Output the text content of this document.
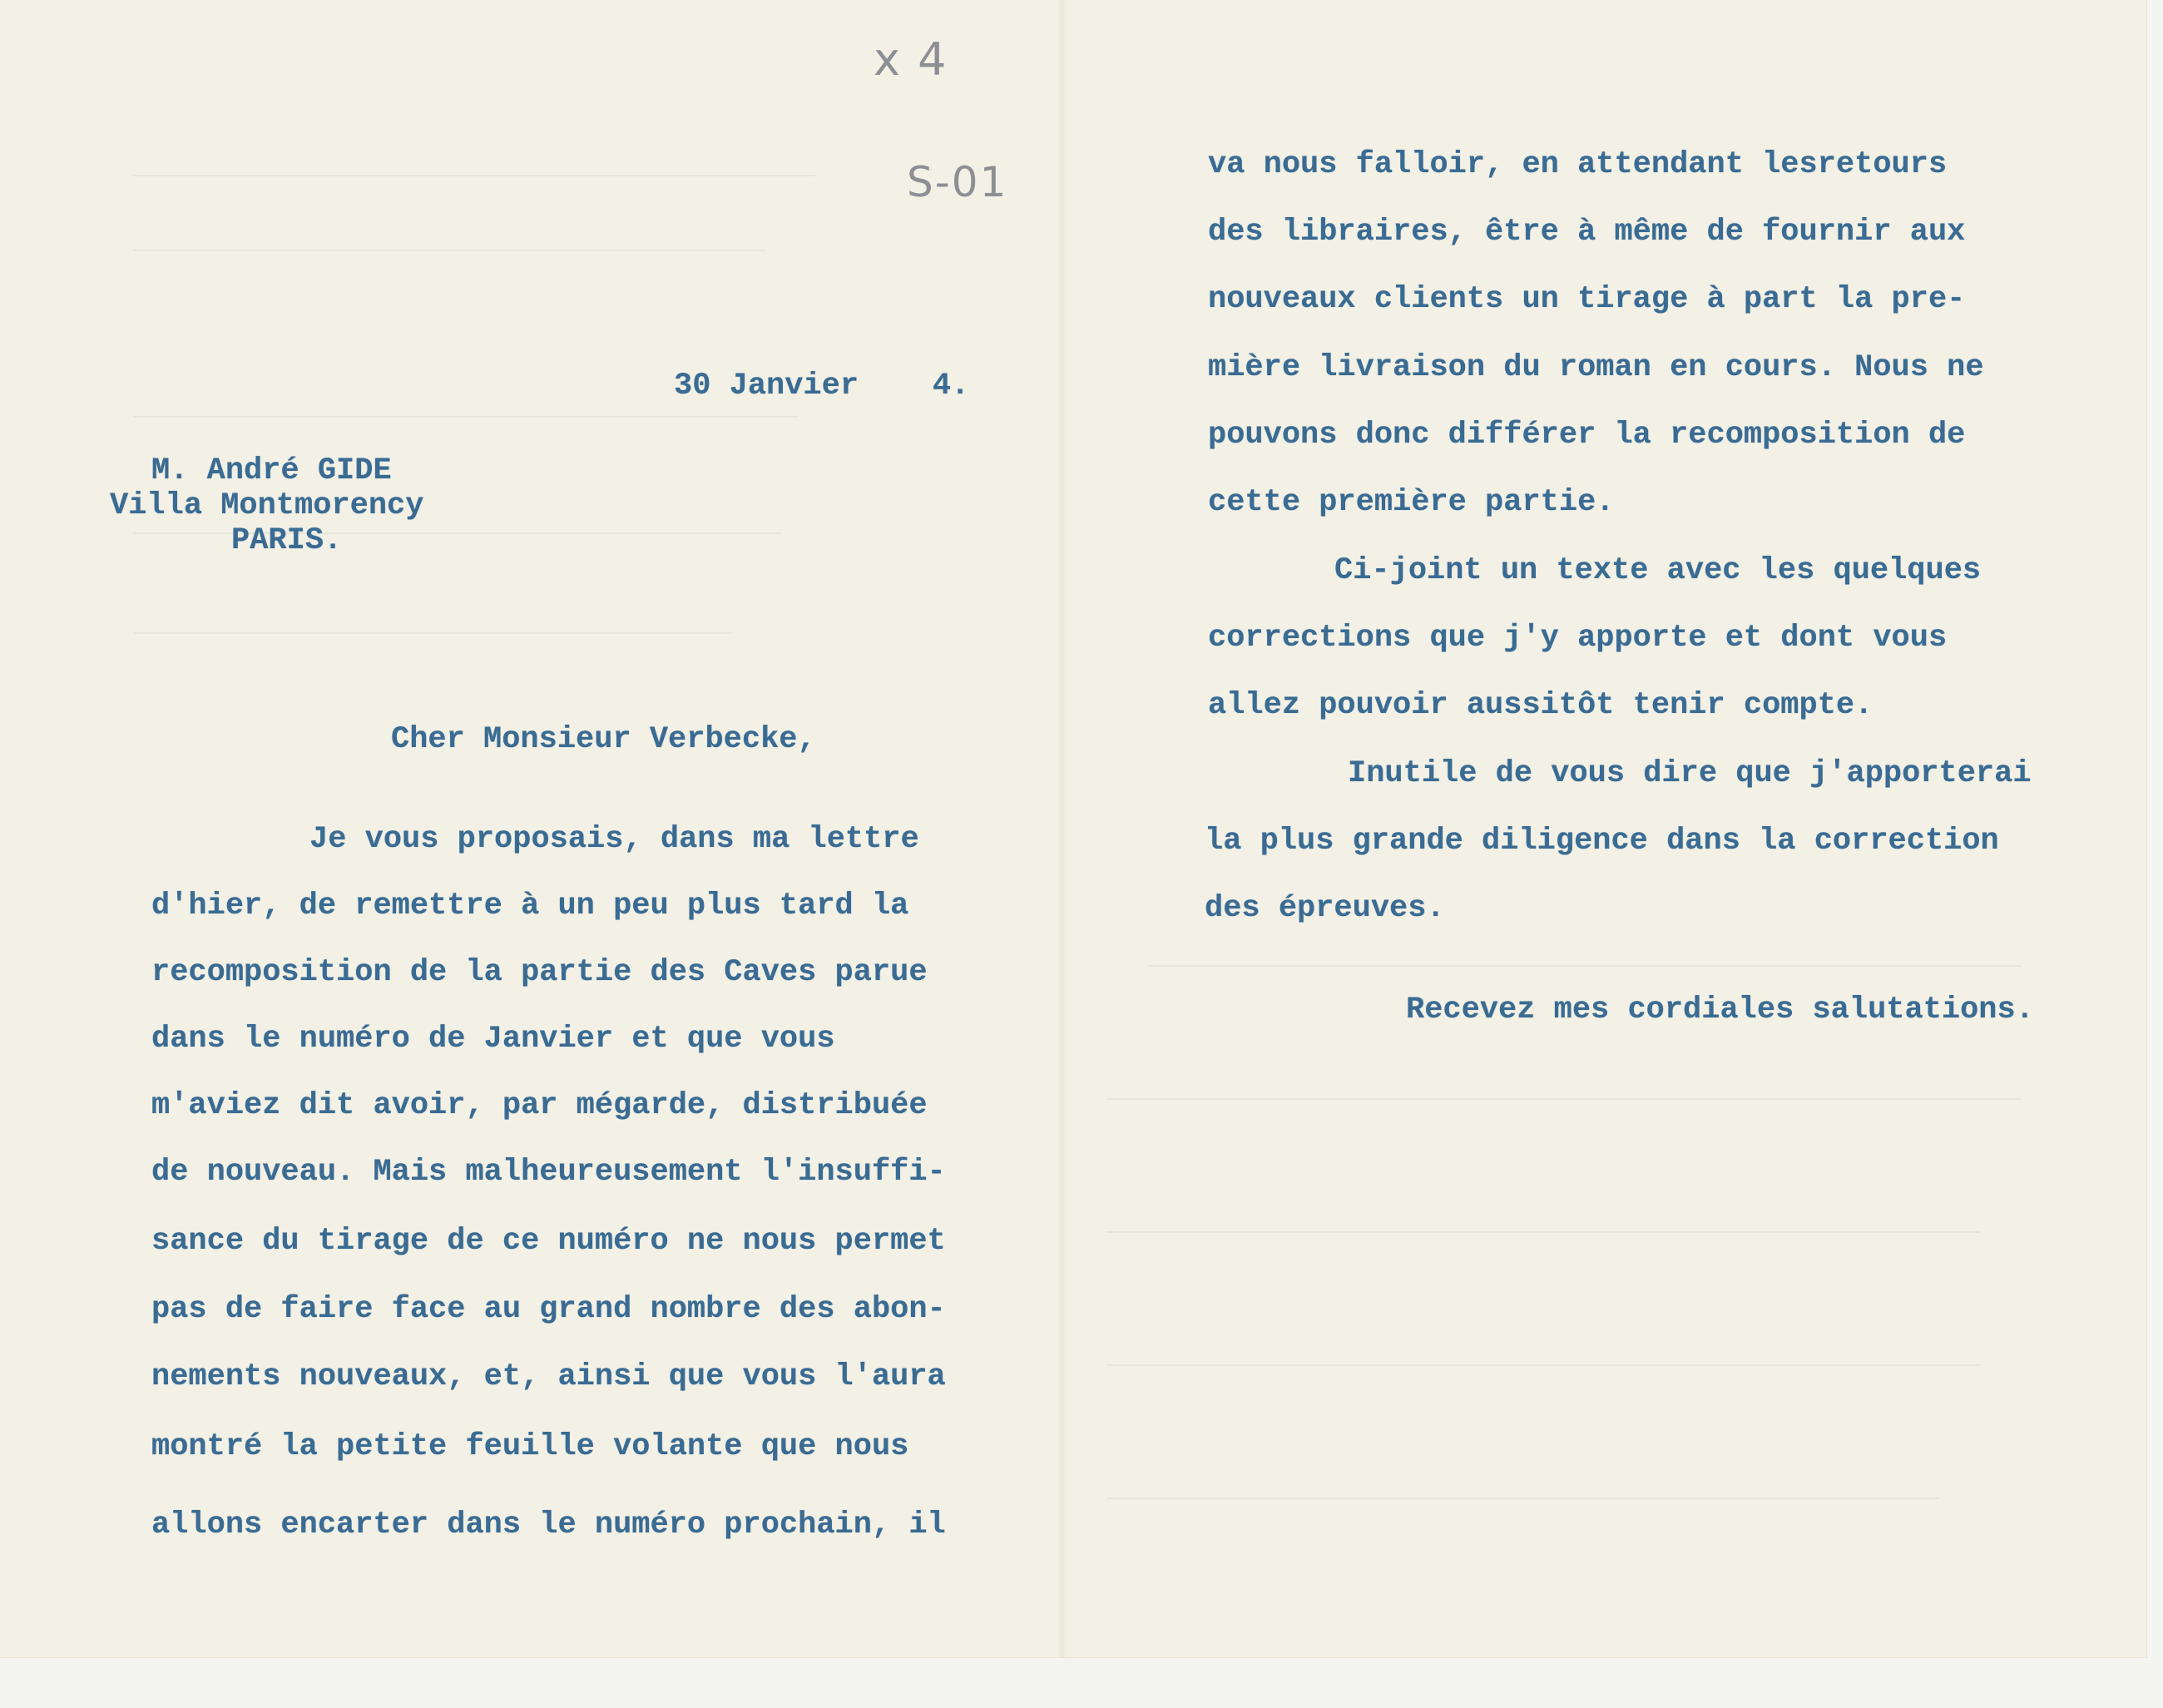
x 4
S-01

30 Janvier    4.

M. André GIDE

Villa Montmorency

PARIS.

Cher Monsieur Verbecke,

Je vous proposais, dans ma lettre

d'hier, de remettre à un peu plus tard la

recomposition de la partie des Caves parue

dans le numéro de Janvier et que vous

m'aviez dit avoir, par mégarde, distribuée

de nouveau. Mais malheureusement l'insuffi-

sance du tirage de ce numéro ne nous permet

pas de faire face au grand nombre des abon-

nements nouveaux, et, ainsi que vous l'aura

montré la petite feuille volante que nous

allons encarter dans le numéro prochain, il

va nous falloir, en attendant lesretours

des libraires, être à même de fournir aux

nouveaux clients un tirage à part la pre-

mière livraison du roman en cours. Nous ne

pouvons donc différer la recomposition de

cette première partie.

Ci-joint un texte avec les quelques

corrections que j'y apporte et dont vous

allez pouvoir aussitôt tenir compte.

Inutile de vous dire que j'apporterai

la plus grande diligence dans la correction

des épreuves.

Recevez mes cordiales salutations.
